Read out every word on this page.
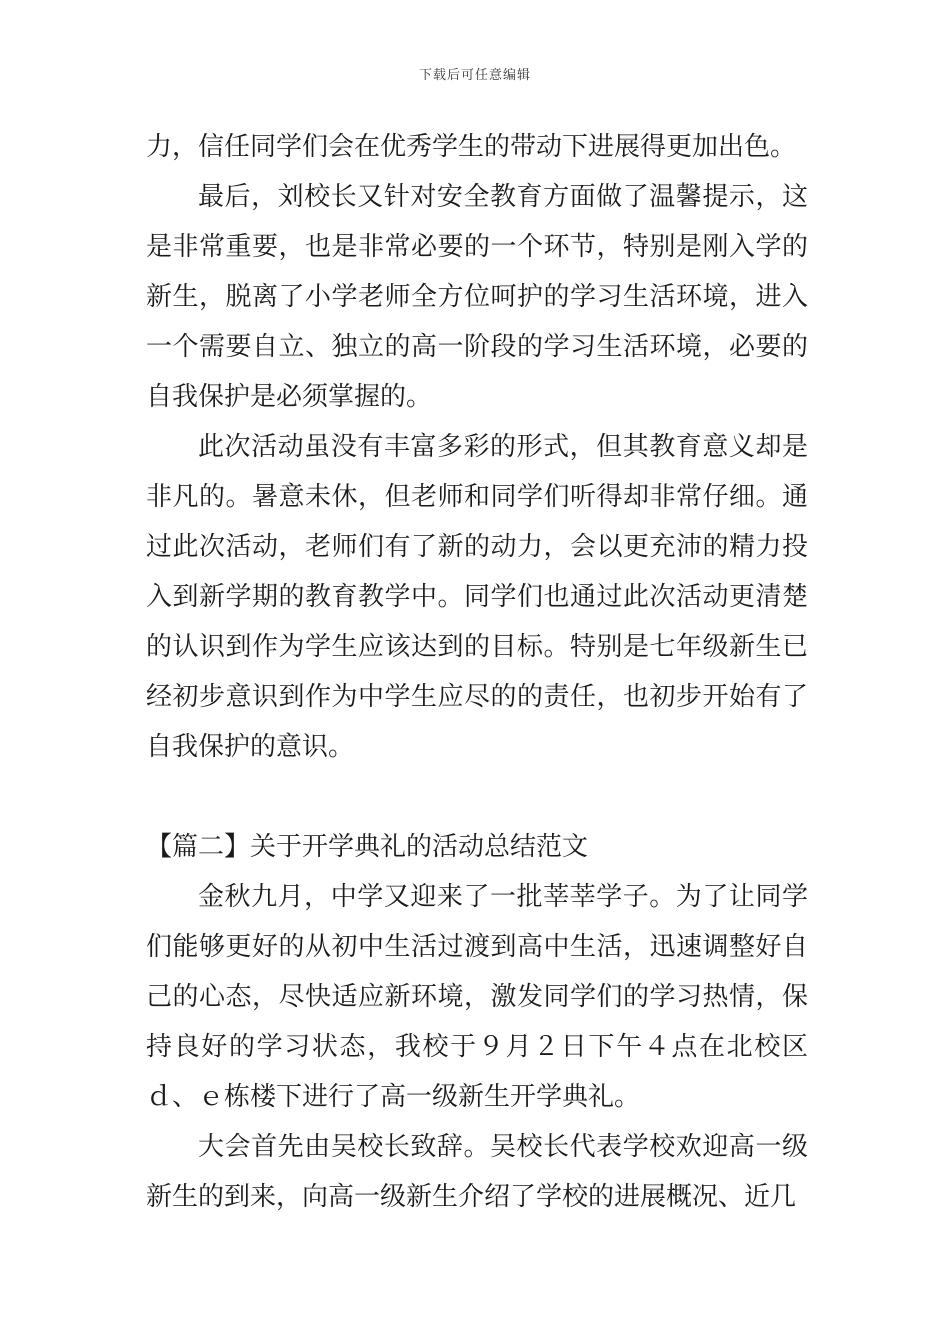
下载后可任意编辑

力，信任同学们会在优秀学生的带动下进展得更加出色。

最后，刘校长又针对安全教育方面做了温馨提示，这是非常重要，也是非常必要的一个环节，特别是刚入学的新生，脱离了小学老师全方位呵护的学习生活环境，进入一个需要自立、独立的高一阶段的学习生活环境，必要的自我保护是必须掌握的。

此次活动虽没有丰富多彩的形式，但其教育意义却是非凡的。暑意未休，但老师和同学们听得却非常仔细。通过此次活动，老师们有了新的动力，会以更充沛的精力投入到新学期的教育教学中。同学们也通过此次活动更清楚的认识到作为学生应该达到的目标。特别是七年级新生已经初步意识到作为中学生应尽的的责任，也初步开始有了自我保护的意识。

【篇二】关于开学典礼的活动总结范文

金秋九月，中学又迎来了一批莘莘学子。为了让同学们能够更好的从初中生活过渡到高中生活，迅速调整好自己的心态，尽快适应新环境，激发同学们的学习热情，保持良好的学习状态，我校于９月２日下午４点在北校区ｄ、ｅ栋楼下进行了高一级新生开学典礼。

大会首先由吴校长致辞。吴校长代表学校欢迎高一级新生的到来，向高一级新生介绍了学校的进展概况、近几
